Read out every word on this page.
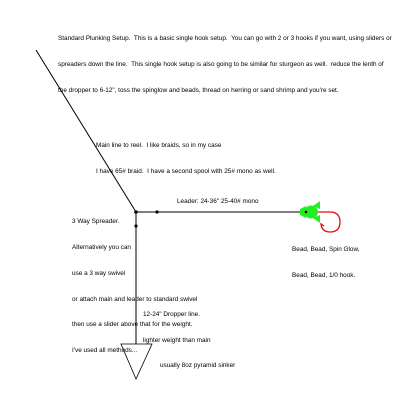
Standard Plunking Setup.  This is a basic single hook setup.  You can go with 2 or 3 hooks if you want, using sliders or

spreaders down the line.  This single hook setup is also going to be similar for sturgeon as well.  reduce the lenth of

the dropper to 6-12", toss the spinglow and beads, thread on herring or sand shrimp and you're set.

Main line to reel.  I like braids, so in my case

I have 65# braid.  I have a second spool with 25# mono as well.

3 Way Spreader.

Alternatively you can

use a 3 way swivel

or attach main and leader to standard swivel

then use a slider above that for the weight.

I've used all methods...

Leader: 24-36" 25-40# mono

Bead, Bead, Spin Glow,

Bead, Bead, 1/0 hook.

12-24" Dropper line.

lighter weight than main

usually 8oz pyramid sinker
